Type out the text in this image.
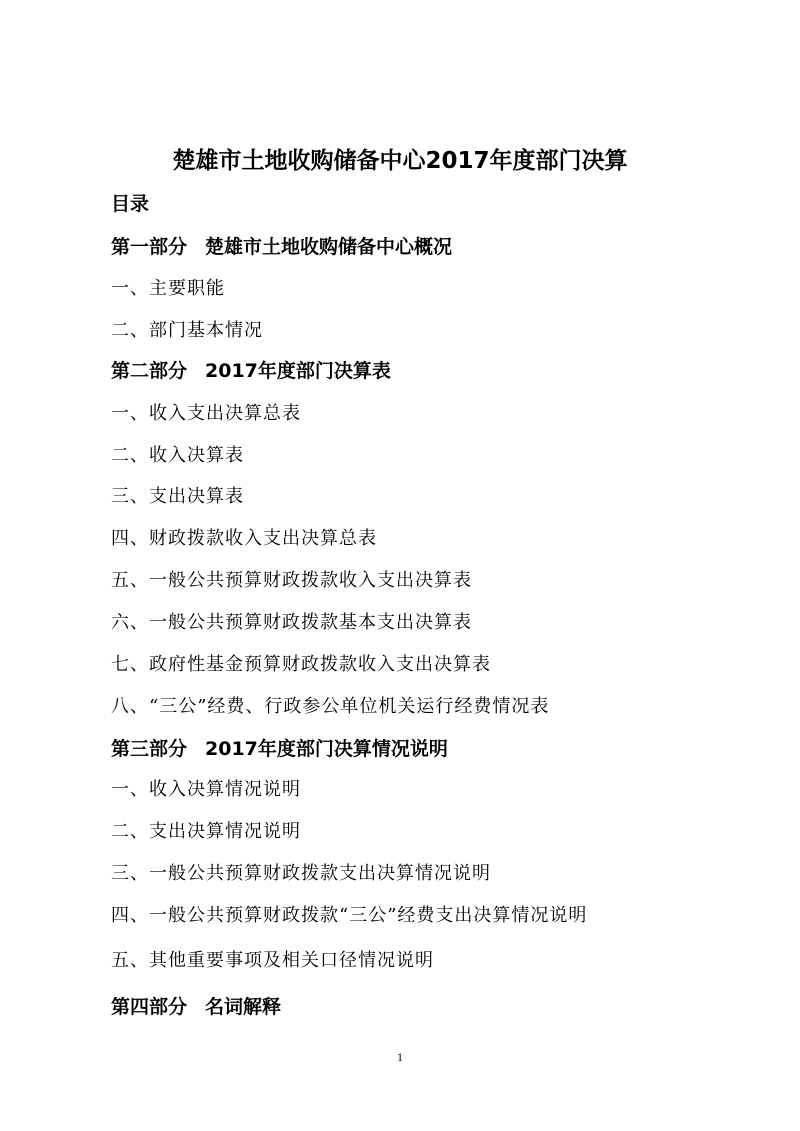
楚雄市土地收购储备中心2017年度部门决算
目录
第一部分 楚雄市土地收购储备中心概况
一、主要职能
二、部门基本情况
第二部分 2017年度部门决算表
一、收入支出决算总表
二、收入决算表
三、支出决算表
四、财政拨款收入支出决算总表
五、一般公共预算财政拨款收入支出决算表
六、一般公共预算财政拨款基本支出决算表
七、政府性基金预算财政拨款收入支出决算表
八、“三公”经费、行政参公单位机关运行经费情况表
第三部分 2017年度部门决算情况说明
一、收入决算情况说明
二、支出决算情况说明
三、一般公共预算财政拨款支出决算情况说明
四、一般公共预算财政拨款“三公”经费支出决算情况说明
五、其他重要事项及相关口径情况说明
第四部分 名词解释
1
